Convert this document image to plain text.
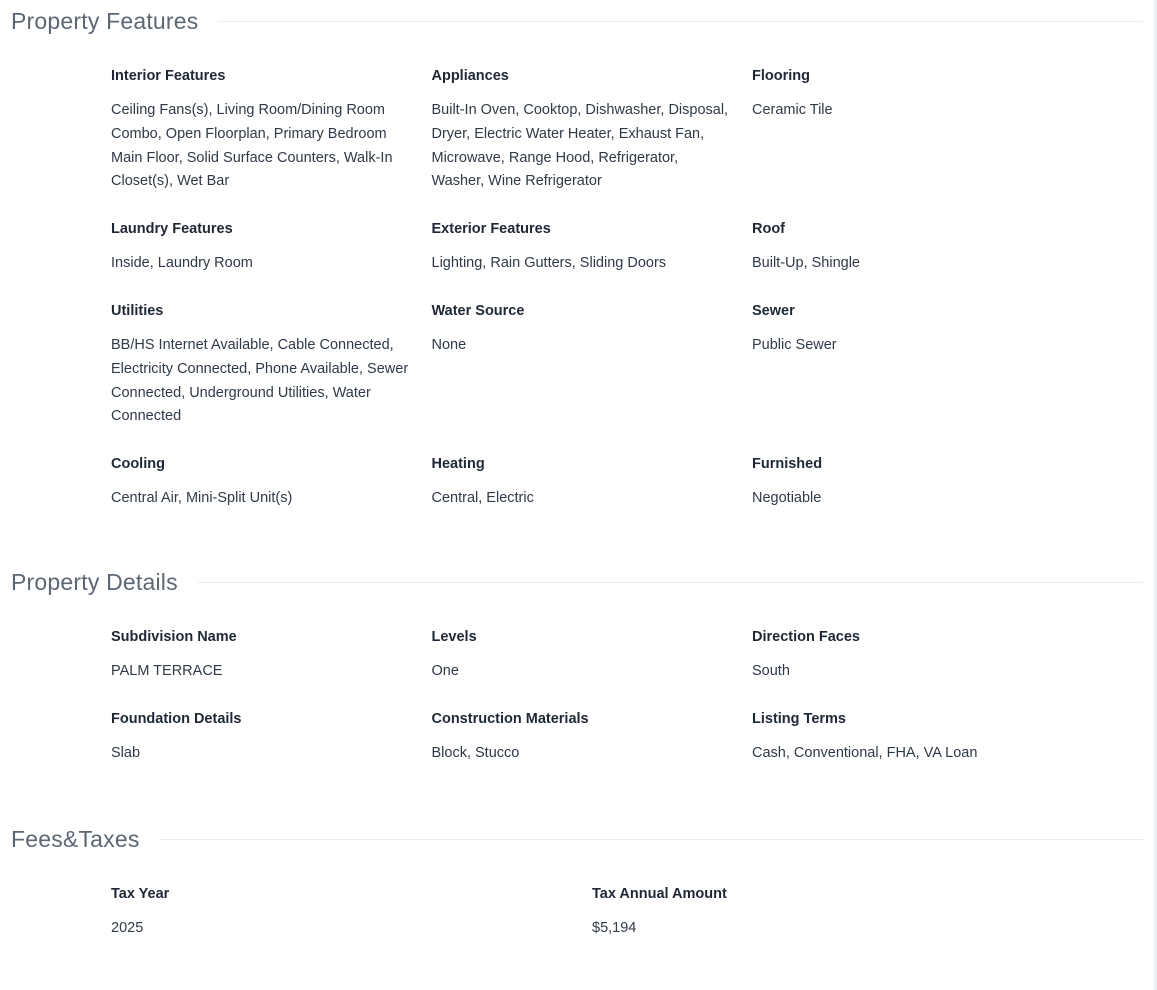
Property Features
Interior Features
Ceiling Fans(s), Living Room/Dining Room Combo, Open Floorplan, Primary Bedroom Main Floor, Solid Surface Counters, Walk-In Closet(s), Wet Bar
Appliances
Built-In Oven, Cooktop, Dishwasher, Disposal, Dryer, Electric Water Heater, Exhaust Fan, Microwave, Range Hood, Refrigerator, Washer, Wine Refrigerator
Flooring
Ceramic Tile
Laundry Features
Inside, Laundry Room
Exterior Features
Lighting, Rain Gutters, Sliding Doors
Roof
Built-Up, Shingle
Utilities
BB/HS Internet Available, Cable Connected, Electricity Connected, Phone Available, Sewer Connected, Underground Utilities, Water Connected
Water Source
None
Sewer
Public Sewer
Cooling
Central Air, Mini-Split Unit(s)
Heating
Central, Electric
Furnished
Negotiable
Property Details
Subdivision Name
PALM TERRACE
Levels
One
Direction Faces
South
Foundation Details
Slab
Construction Materials
Block, Stucco
Listing Terms
Cash, Conventional, FHA, VA Loan
Fees&Taxes
Tax Year
2025
Tax Annual Amount
$5,194
